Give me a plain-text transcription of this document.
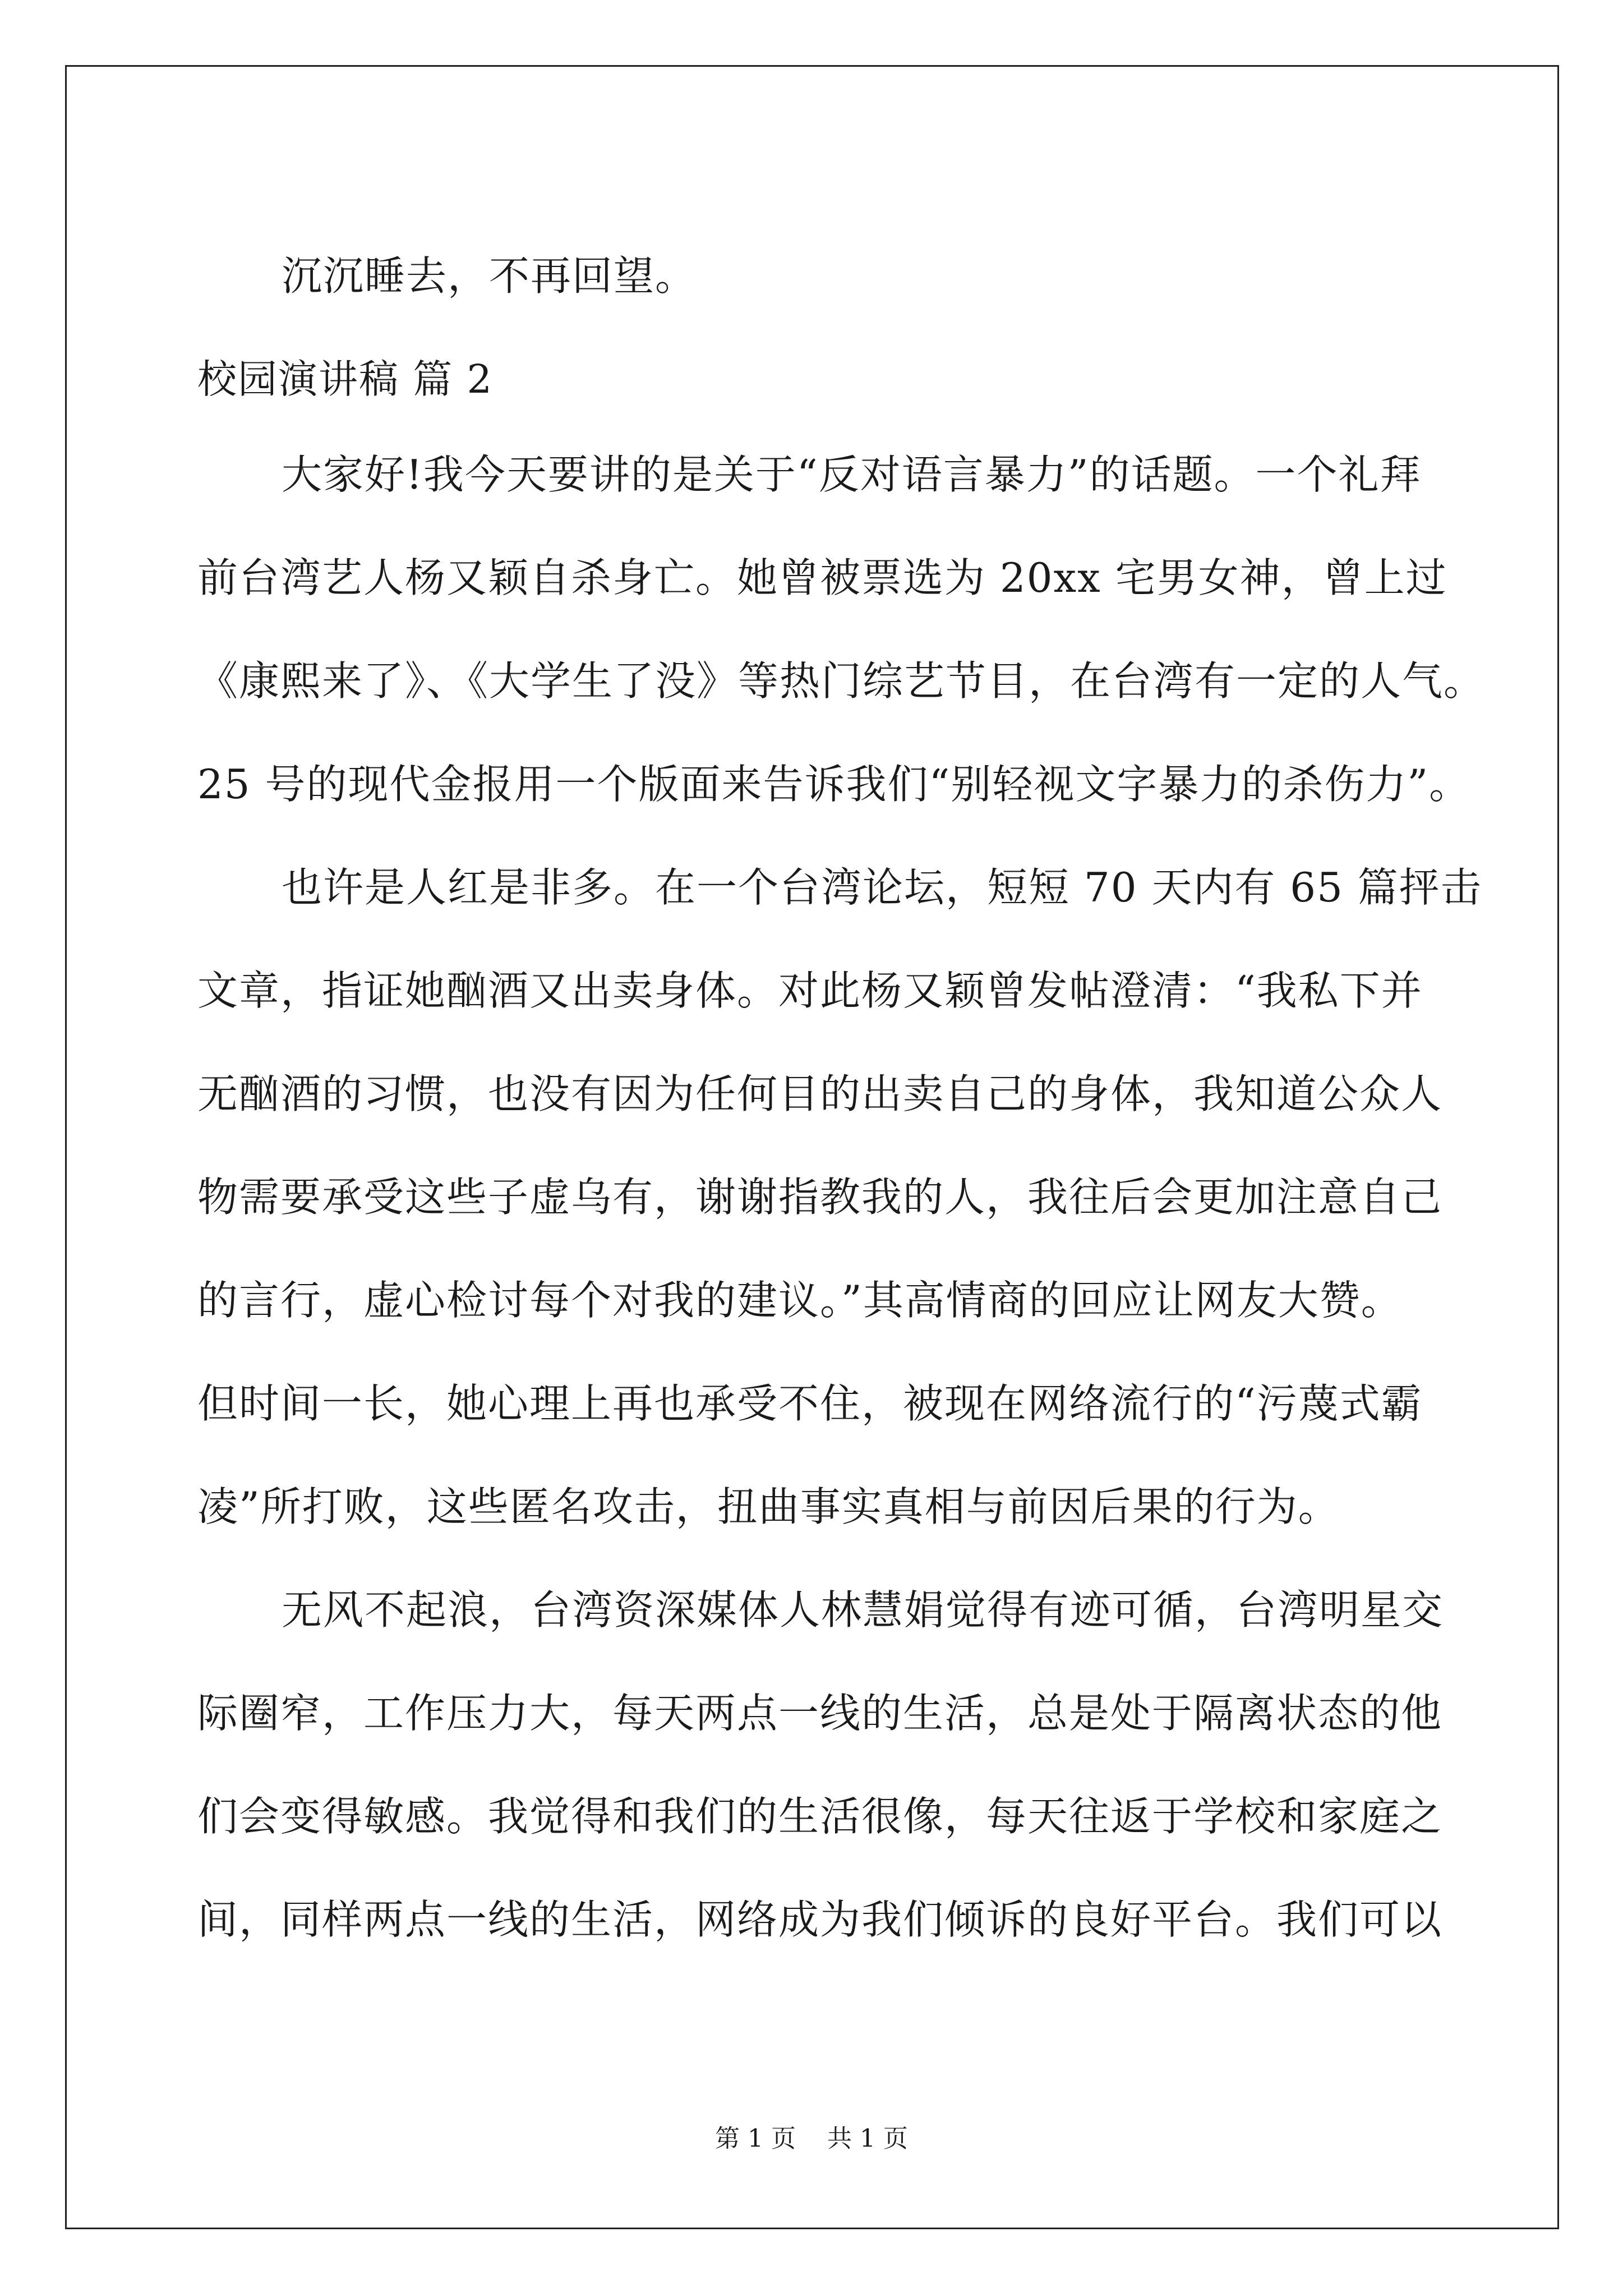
沉沉睡去，不再回望。
校园演讲稿 篇 2
大家好!我今天要讲的是关于“反对语言暴力”的话题。一个礼拜
前台湾艺人杨又颖自杀身亡。她曾被票选为 20xx 宅男女神，曾上过
《康熙来了》、《大学生了没》等热门综艺节目，在台湾有一定的人气。
25 号的现代金报用一个版面来告诉我们“别轻视文字暴力的杀伤力”。
也许是人红是非多。在一个台湾论坛，短短 70 天内有 65 篇抨击
文章，指证她酗酒又出卖身体。对此杨又颖曾发帖澄清：“我私下并
无酗酒的习惯，也没有因为任何目的出卖自己的身体，我知道公众人
物需要承受这些子虚乌有，谢谢指教我的人，我往后会更加注意自己
的言行，虚心检讨每个对我的建议。”其高情商的回应让网友大赞。
但时间一长，她心理上再也承受不住，被现在网络流行的“污蔑式霸
凌”所打败，这些匿名攻击，扭曲事实真相与前因后果的行为。
无风不起浪，台湾资深媒体人林慧娟觉得有迹可循，台湾明星交
际圈窄，工作压力大，每天两点一线的生活，总是处于隔离状态的他
们会变得敏感。我觉得和我们的生活很像，每天往返于学校和家庭之
间，同样两点一线的生活，网络成为我们倾诉的良好平台。我们可以
第 1 页    共 1 页
